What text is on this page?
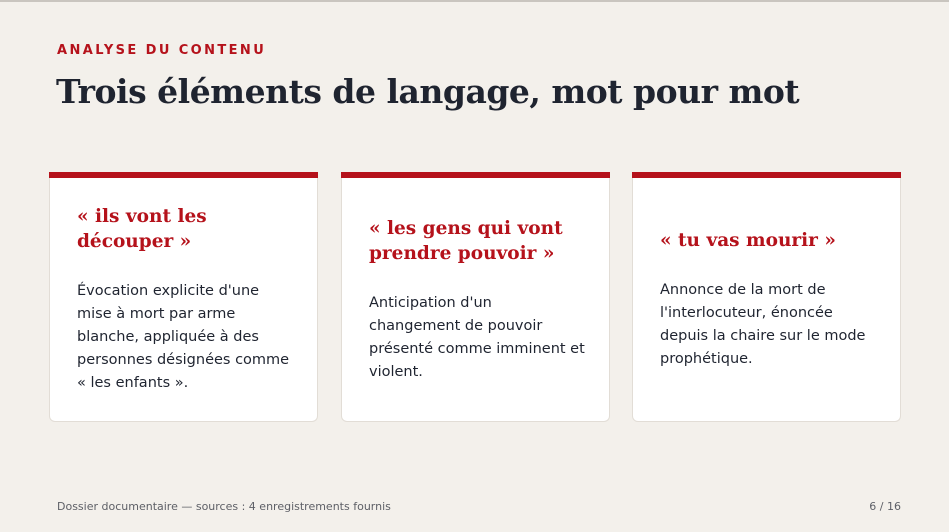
ANALYSE DU CONTENU
Trois éléments de langage, mot pour mot

« ils vont les découper »

Évocation explicite d'une mise à mort par arme blanche, appliquée à des personnes désignées comme « les enfants ».

« les gens qui vont prendre pouvoir »

Anticipation d'un changement de pouvoir présenté comme imminent et violent.

« tu vas mourir »

Annonce de la mort de l'interlocuteur, énoncée depuis la chaire sur le mode prophétique.

Dossier documentaire — sources : 4 enregistrements fournis	6 / 16
